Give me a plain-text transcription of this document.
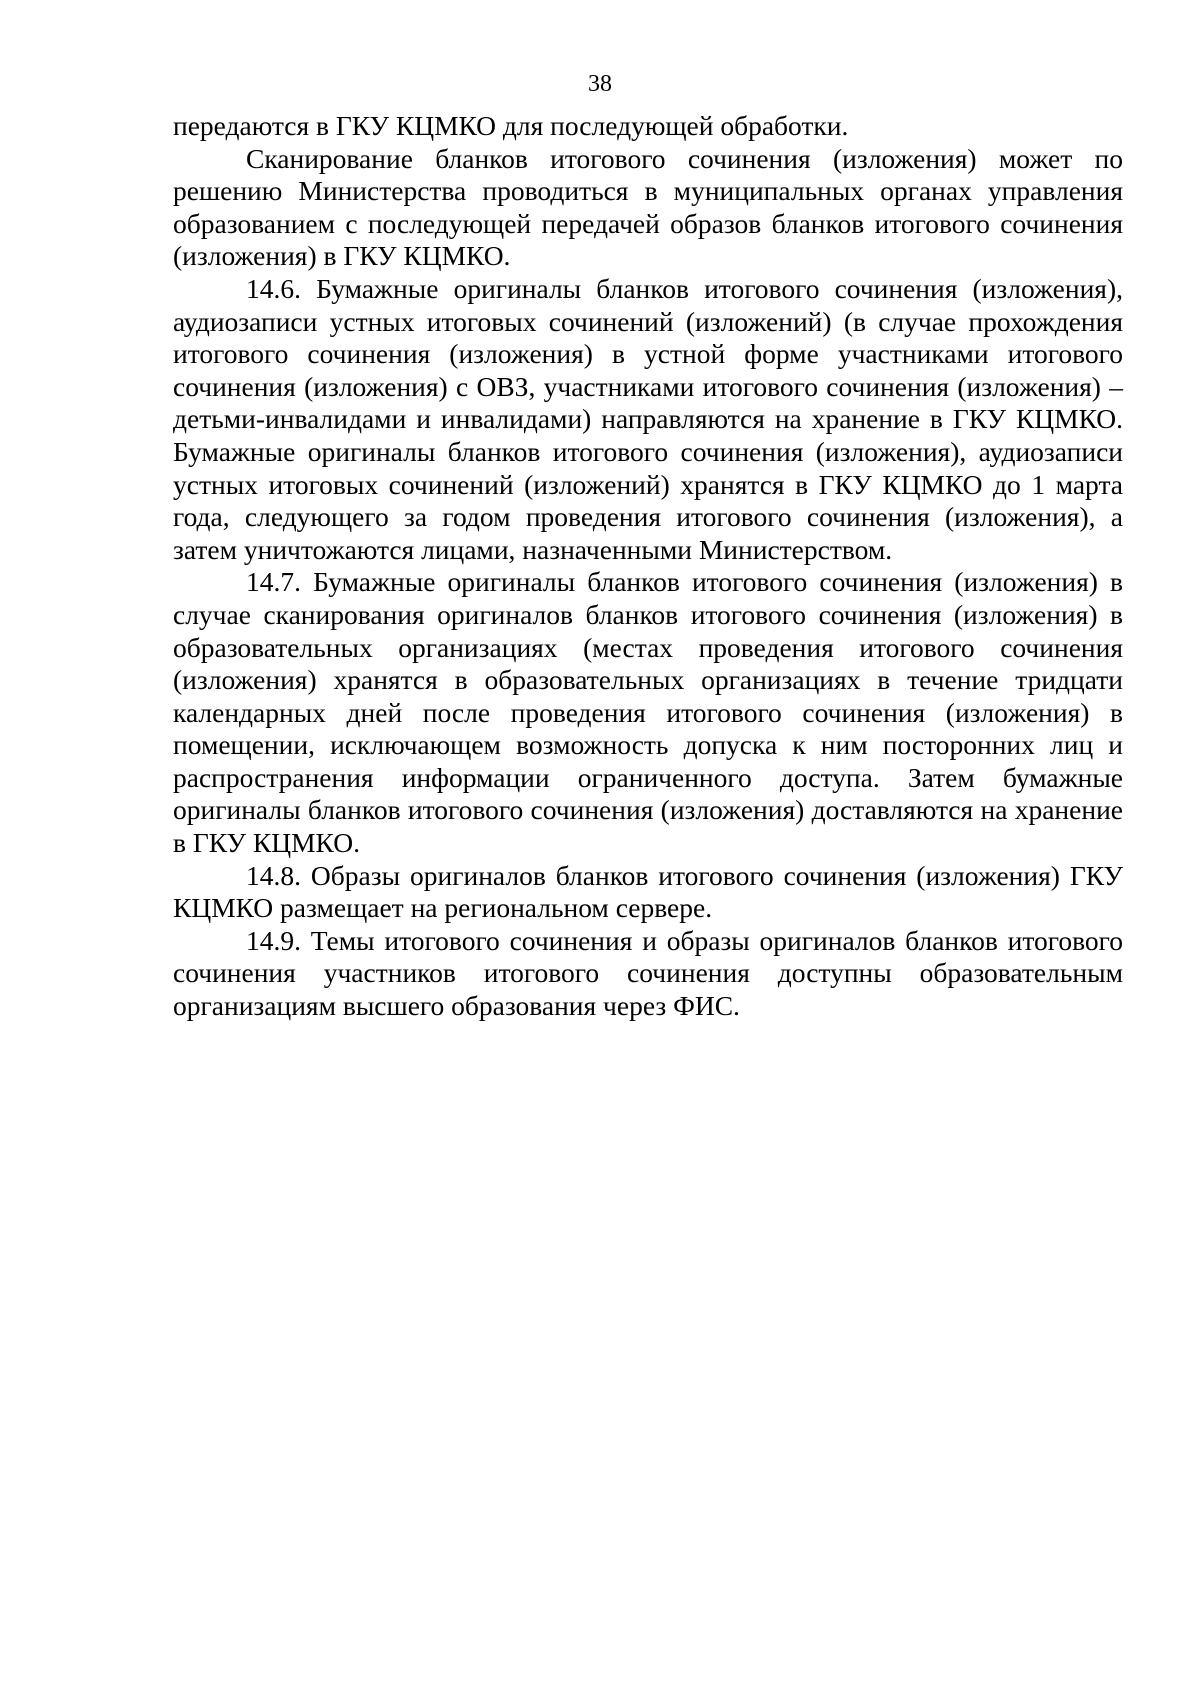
38

передаются в ГКУ КЦМКО для последующей обработки.

Сканирование бланков итогового сочинения (изложения) может по решению Министерства проводиться в муниципальных органах управления образованием с последующей передачей образов бланков итогового сочинения (изложения) в ГКУ КЦМКО.

14.6. Бумажные оригиналы бланков итогового сочинения (изложения), аудиозаписи устных итоговых сочинений (изложений) (в случае прохождения итогового сочинения (изложения) в устной форме участниками итогового сочинения (изложения) с ОВЗ, участниками итогового сочинения (изложения) – детьми-инвалидами и инвалидами) направляются на хранение в ГКУ КЦМКО. Бумажные оригиналы бланков итогового сочинения (изложения), аудиозаписи устных итоговых сочинений (изложений) хранятся в ГКУ КЦМКО до 1 марта года, следующего за годом проведения итогового сочинения (изложения), а затем уничтожаются лицами, назначенными Министерством.

14.7. Бумажные оригиналы бланков итогового сочинения (изложения) в случае сканирования оригиналов бланков итогового сочинения (изложения) в образовательных организациях (местах проведения итогового сочинения (изложения) хранятся в образовательных организациях в течение тридцати календарных дней после проведения итогового сочинения (изложения) в помещении, исключающем возможность допуска к ним посторонних лиц и распространения информации ограниченного доступа. Затем бумажные оригиналы бланков итогового сочинения (изложения) доставляются на хранение в ГКУ КЦМКО.

14.8. Образы оригиналов бланков итогового сочинения (изложения) ГКУ КЦМКО размещает на региональном сервере.

14.9. Темы итогового сочинения и образы оригиналов бланков итогового сочинения участников итогового сочинения доступны образовательным организациям высшего образования через ФИС.
